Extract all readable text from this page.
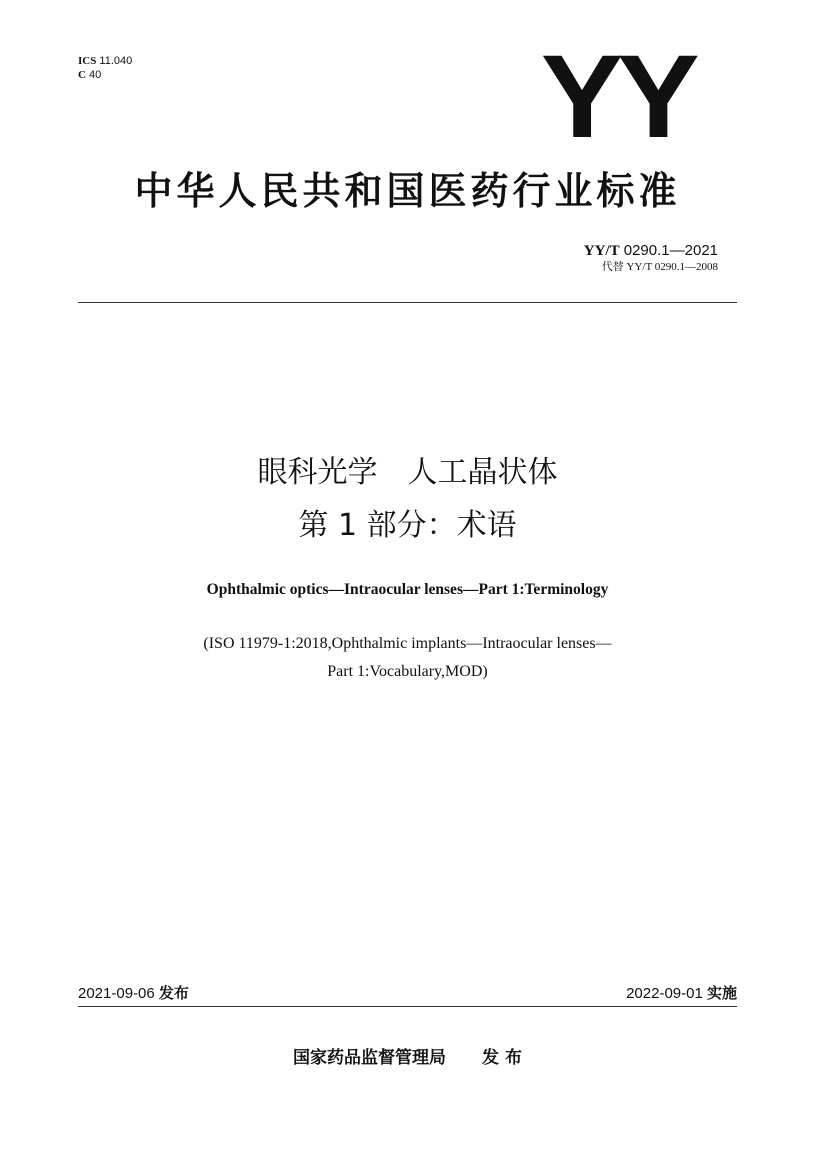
ICS 11.040
C 40	YY
中华人民共和国医药行业标准
YY/T 0290.1—2021
代替 YY/T 0290.1—2008
眼科光学　人工晶状体
第 1 部分：术语
Ophthalmic optics—Intraocular lenses—Part 1:Terminology
(ISO 11979-1:2018,Ophthalmic implants—Intraocular lenses—
Part 1:Vocabulary,MOD)
2021-09-06 发布	2022-09-01 实施
国家药品监督管理局 发 布
